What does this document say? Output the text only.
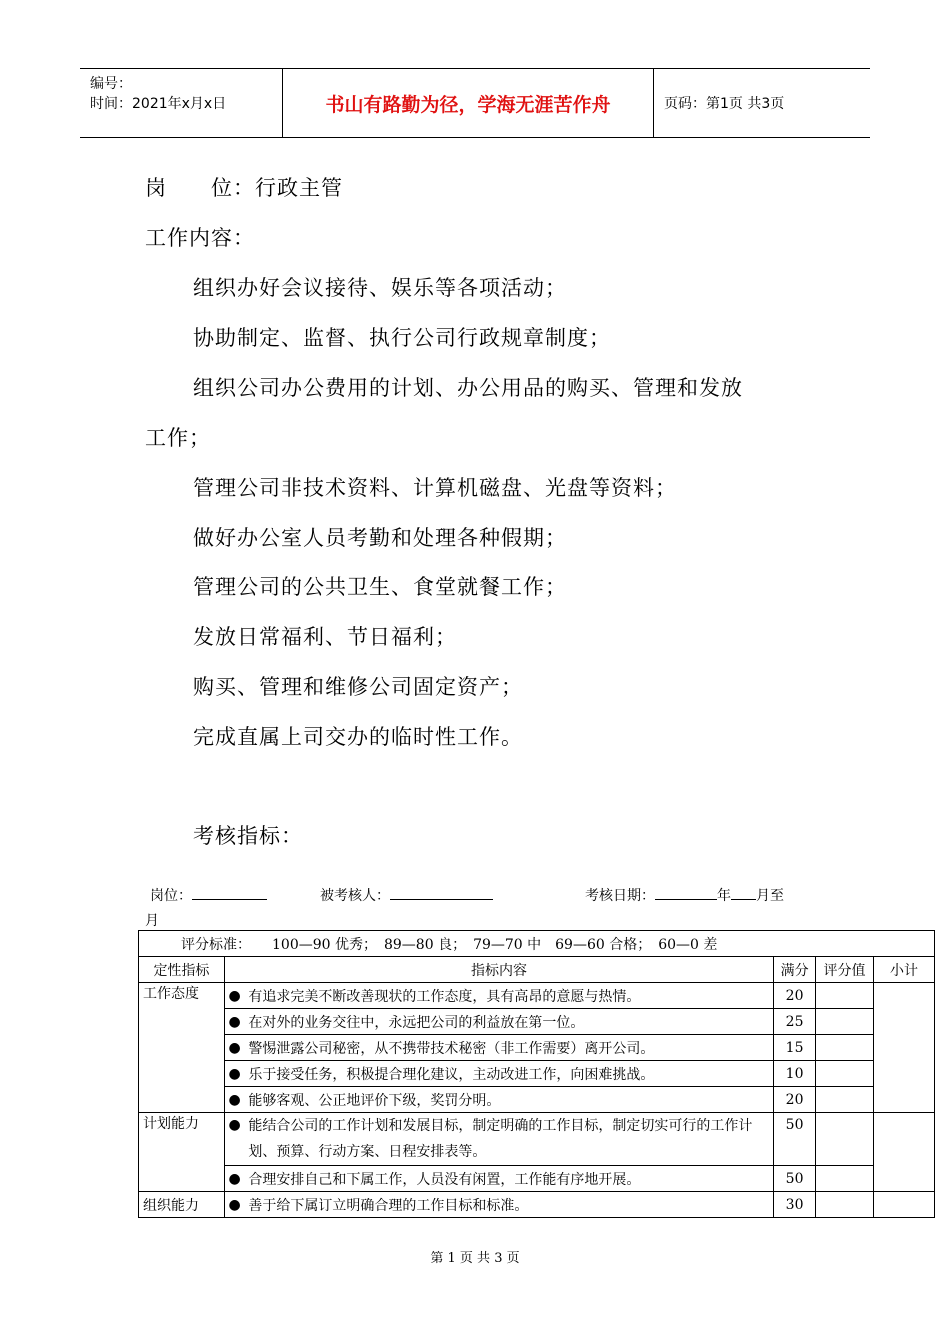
编号：
时间：2021年x月x日	书山有路勤为径，学海无涯苦作舟	页码：第1页 共3页
岗　　位：行政主管
工作内容：
组织办好会议接待、娱乐等各项活动；
协助制定、监督、执行公司行政规章制度；
组织公司办公费用的计划、办公用品的购买、管理和发放
工作；
管理公司非技术资料、计算机磁盘、光盘等资料；
做好办公室人员考勤和处理各种假期；
管理公司的公共卫生、食堂就餐工作；
发放日常福利、节日福利；
购买、管理和维修公司固定资产；
完成直属上司交办的临时性工作。
考核指标：
岗位：	被考核人：	考核日期：	年 月至
月
评分标准：　　100—90 优秀；　89—80 良；　79—70 中　69—60 合格；　60—0 差					
定性指标	指标内容		满分	评分值	小计
工作态度	●	有追求完美不断改善现状的工作态度，具有高昂的意愿与热情。	20		
	●	在对外的业务交往中，永远把公司的利益放在第一位。	25		
	●	警惕泄露公司秘密，从不携带技术秘密（非工作需要）离开公司。	15		
	●	乐于接受任务，积极提合理化建议，主动改进工作，向困难挑战。	10		
	●	能够客观、公正地评价下级，奖罚分明。	20		
计划能力	●	能结合公司的工作计划和发展目标，制定明确的工作目标，制定切实可行的工作计划、预算、行动方案、日程安排表等。	50		
	●	合理安排自己和下属工作，人员没有闲置，工作能有序地开展。	50		
组织能力	●	善于给下属订立明确合理的工作目标和标准。	30		
第 1 页 共 3 页
